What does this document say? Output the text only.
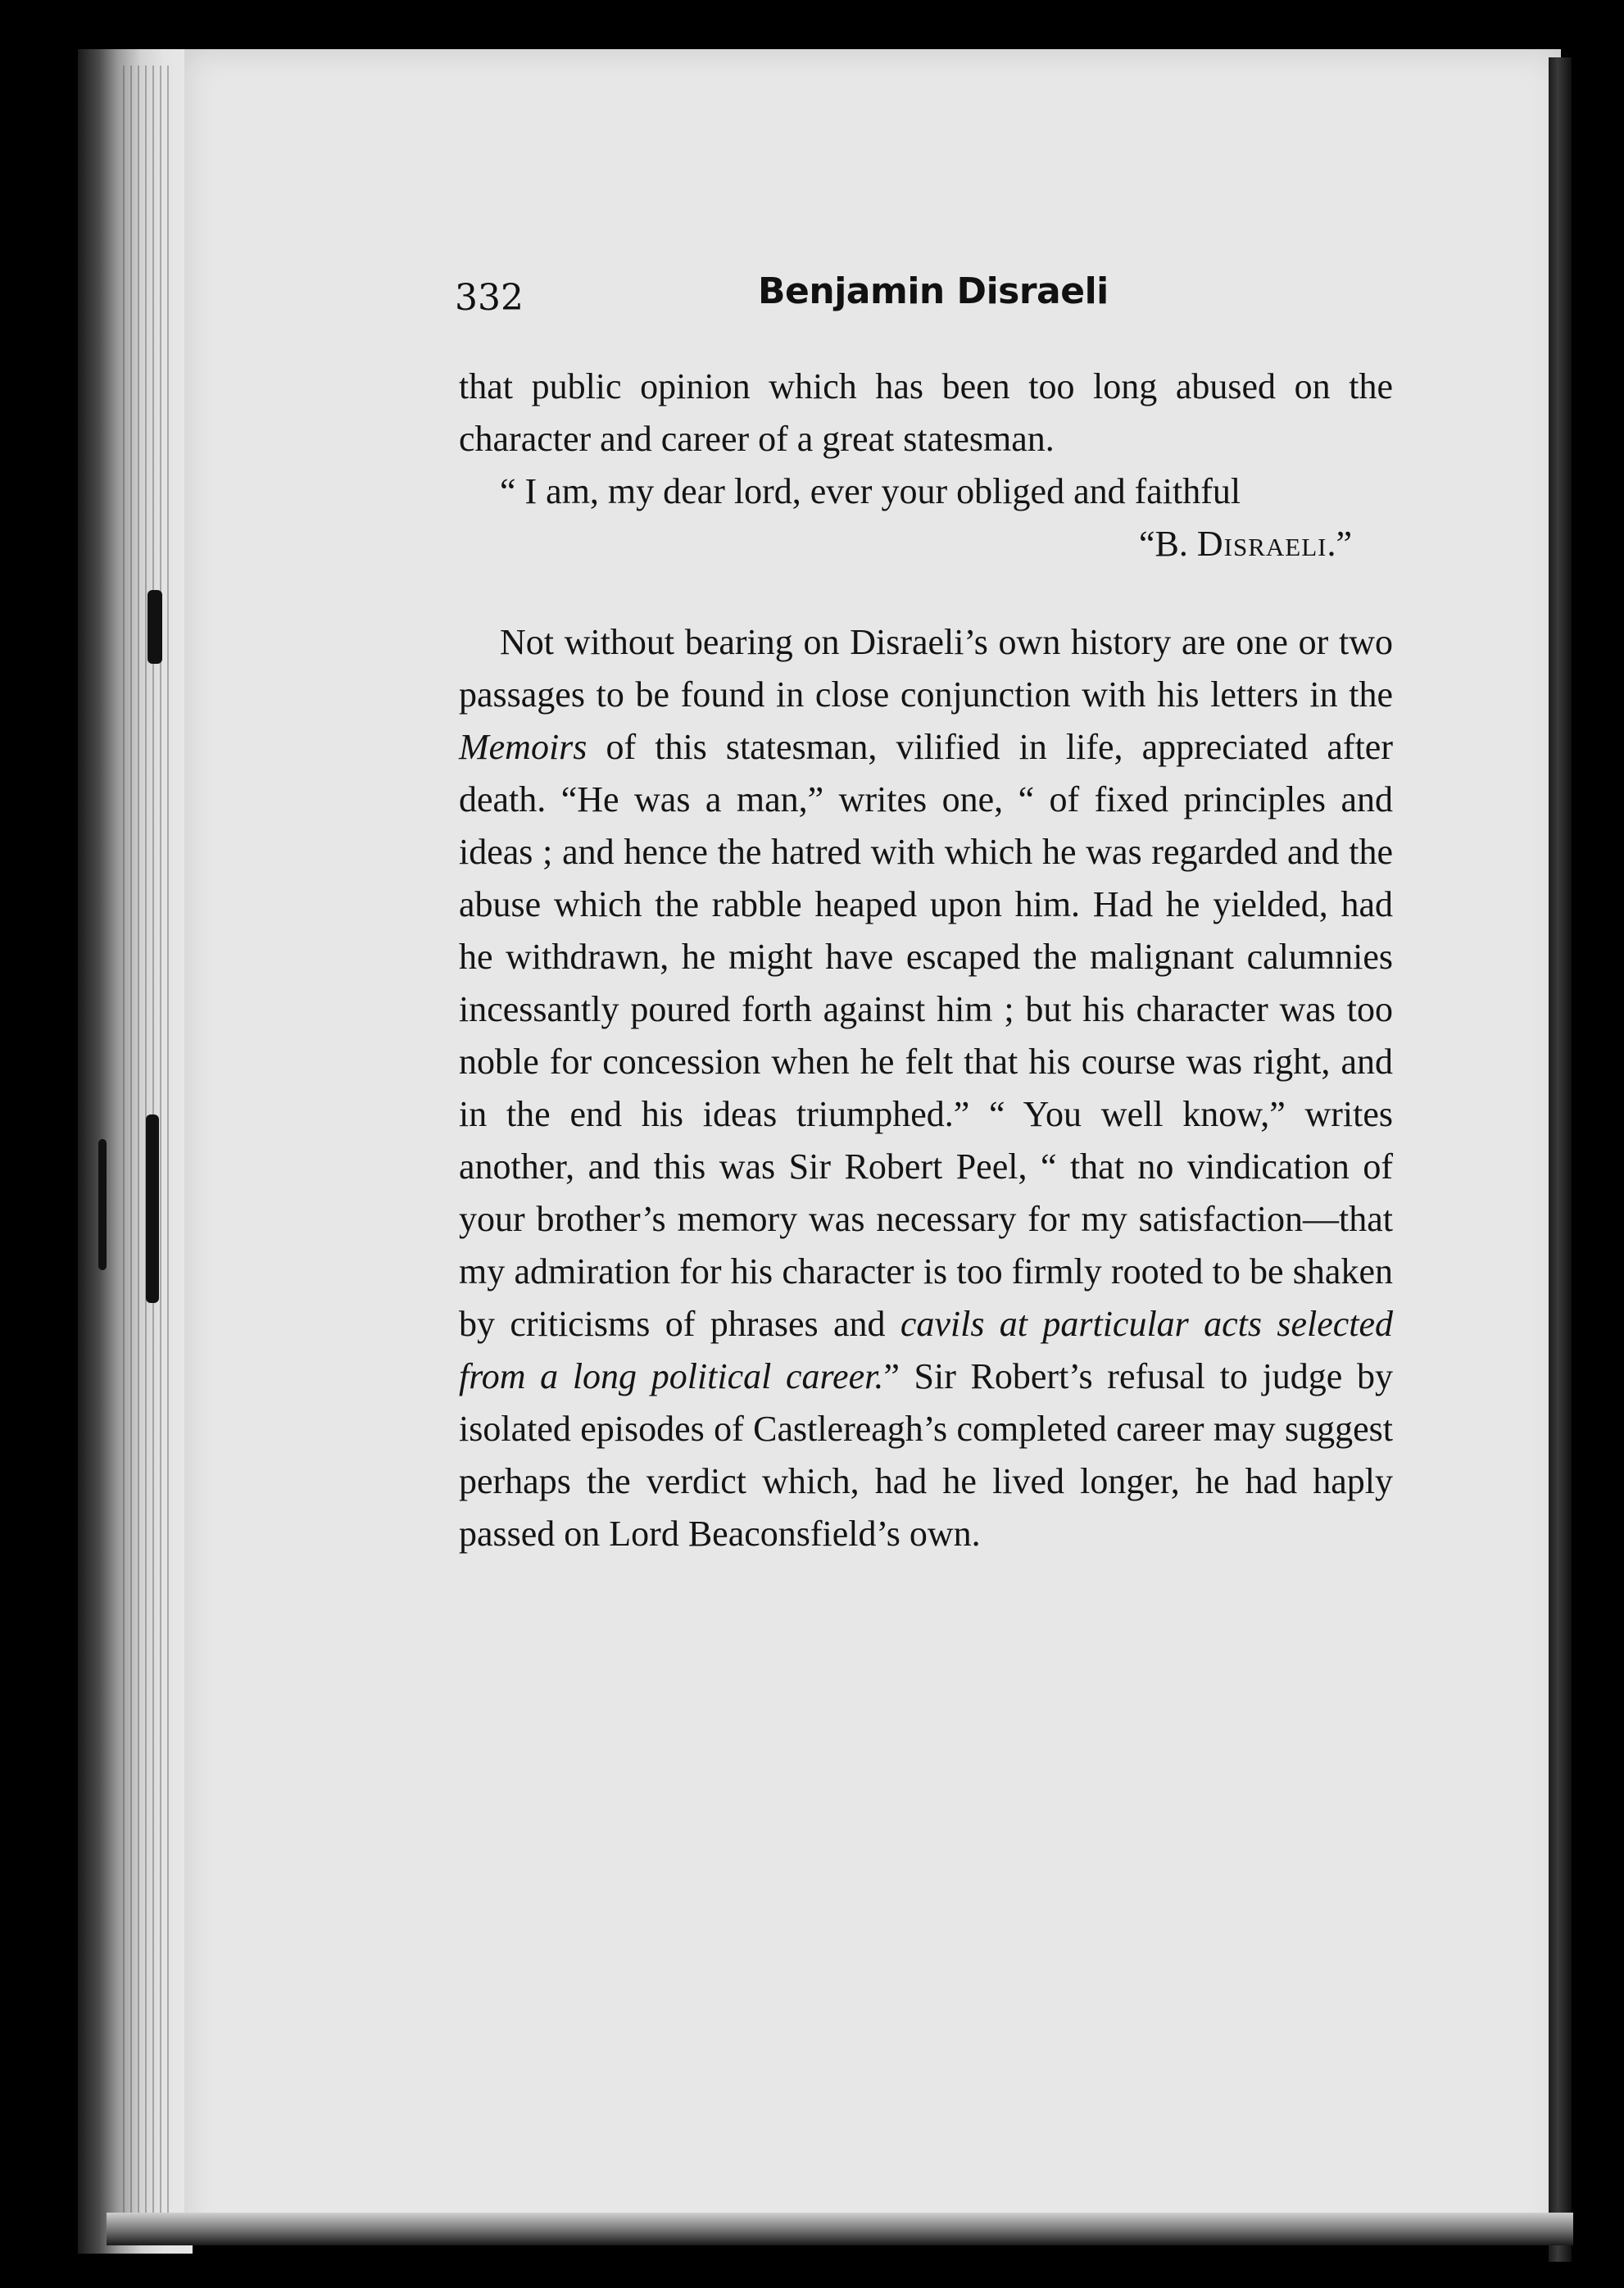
332	Benjamin Disraeli

that public opinion which has been too long abused on the character and career of a great statesman.

“ I am, my dear lord, ever your obliged and faithful

“B. Disraeli.”

Not without bearing on Disraeli’s own history are one or two passages to be found in close conjunction with his letters in the Memoirs of this statesman, vilified in life, appreciated after death. “He was a man,” writes one, “ of fixed principles and ideas ; and hence the hatred with which he was regarded and the abuse which the rabble heaped upon him. Had he yielded, had he withdrawn, he might have escaped the malignant calumnies incessantly poured forth against him ; but his character was too noble for concession when he felt that his course was right, and in the end his ideas triumphed.” “ You well know,” writes another, and this was Sir Robert Peel, “ that no vindication of your brother’s memory was necessary for my satisfaction—that my admiration for his character is too firmly rooted to be shaken by criticisms of phrases and cavils at particular acts selected from a long political career.” Sir Robert’s refusal to judge by isolated episodes of Castlereagh’s completed career may suggest perhaps the verdict which, had he lived longer, he had haply passed on Lord Beaconsfield’s own.
